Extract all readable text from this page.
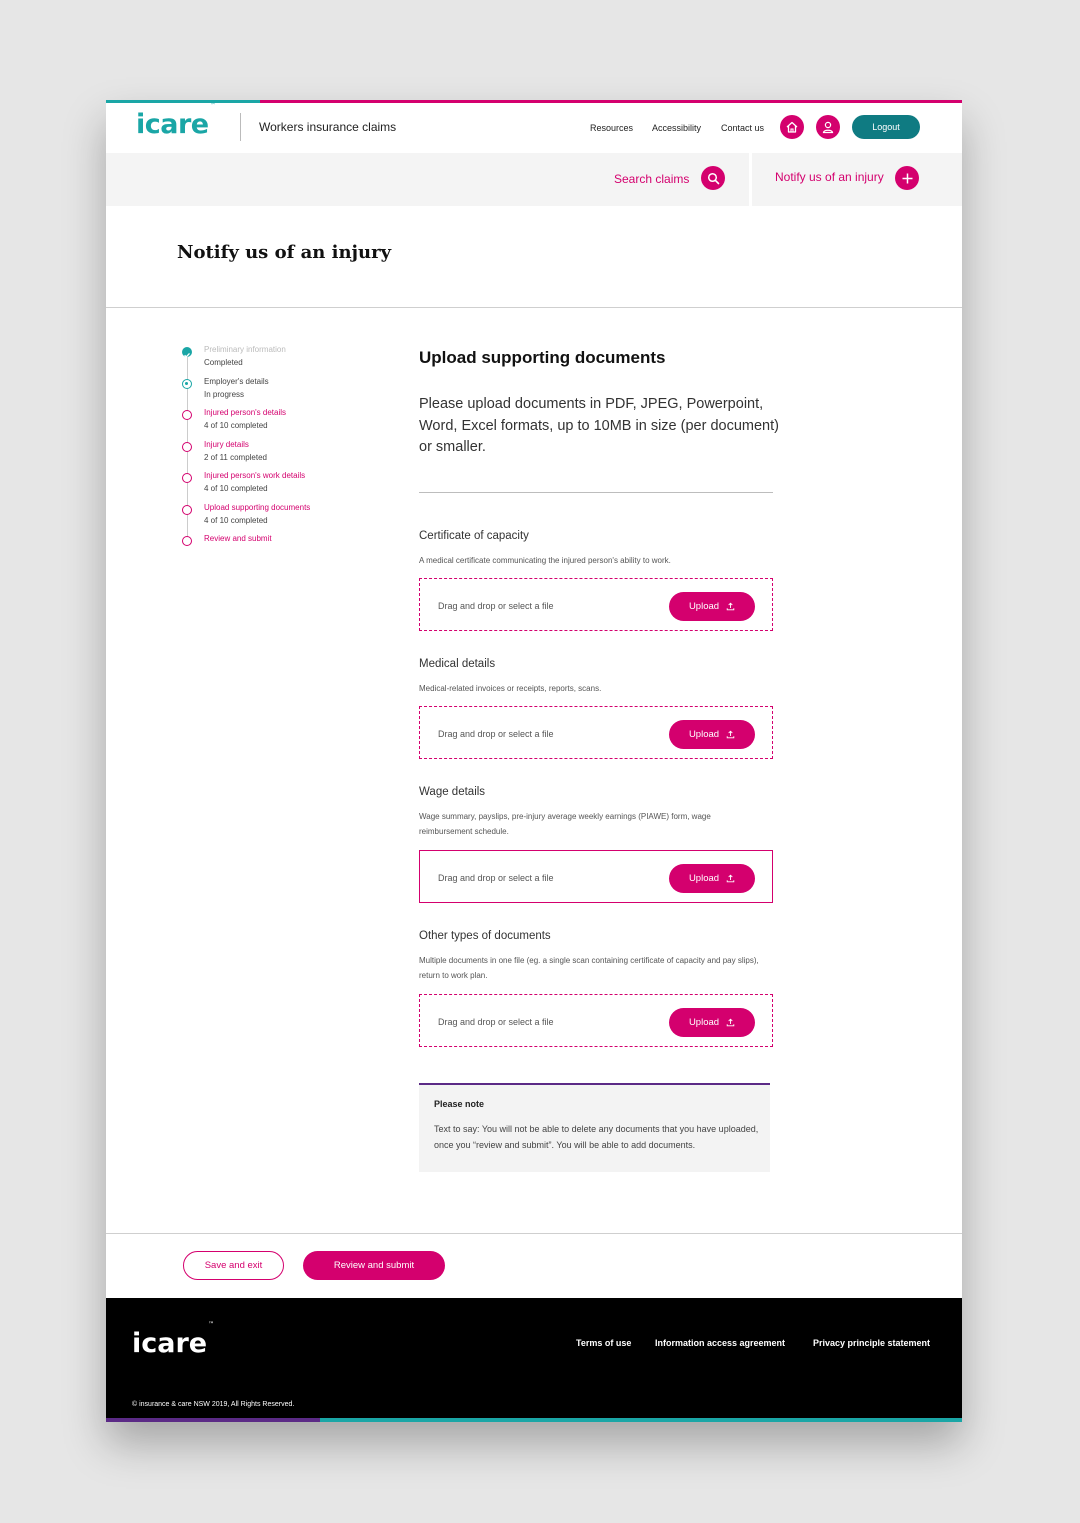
icare™
Workers insurance claims	Resources Accessibility Contact us	Logout
Search claims	Notify us of an injury
Notify us of an injury
Preliminary information
Completed
Employer's details
In progress
Injured person's details
4 of 10 completed
Injury details
2 of 11 completed
Injured person's work details
4 of 10 completed
Upload supporting documents
4 of 10 completed
Review and submit
Upload supporting documents

Please upload documents in PDF, JPEG, Powerpoint, Word, Excel formats, up to 10MB in size (per document) or smaller.

Certificate of capacity
A medical certificate communicating the injured person's ability to work.
Drag and drop or select a file	Upload
Medical details
Medical-related invoices or receipts, reports, scans.
Drag and drop or select a file	Upload
Wage details
Wage summary, payslips, pre-injury average weekly earnings (PIAWE) form, wage reimbursement schedule.
Drag and drop or select a file	Upload
Other types of documents
Multiple documents in one file (eg. a single scan containing certificate of capacity and pay slips), return to work plan.
Drag and drop or select a file	Upload
Please note
Text to say: You will not be able to delete any documents that you have uploaded, once you “review and submit”. You will be able to add documents.
Save and exit	Review and submit
icare™
Terms of use	Information access agreement	Privacy principle statement
© insurance & care NSW 2019, All Rights Reserved.
